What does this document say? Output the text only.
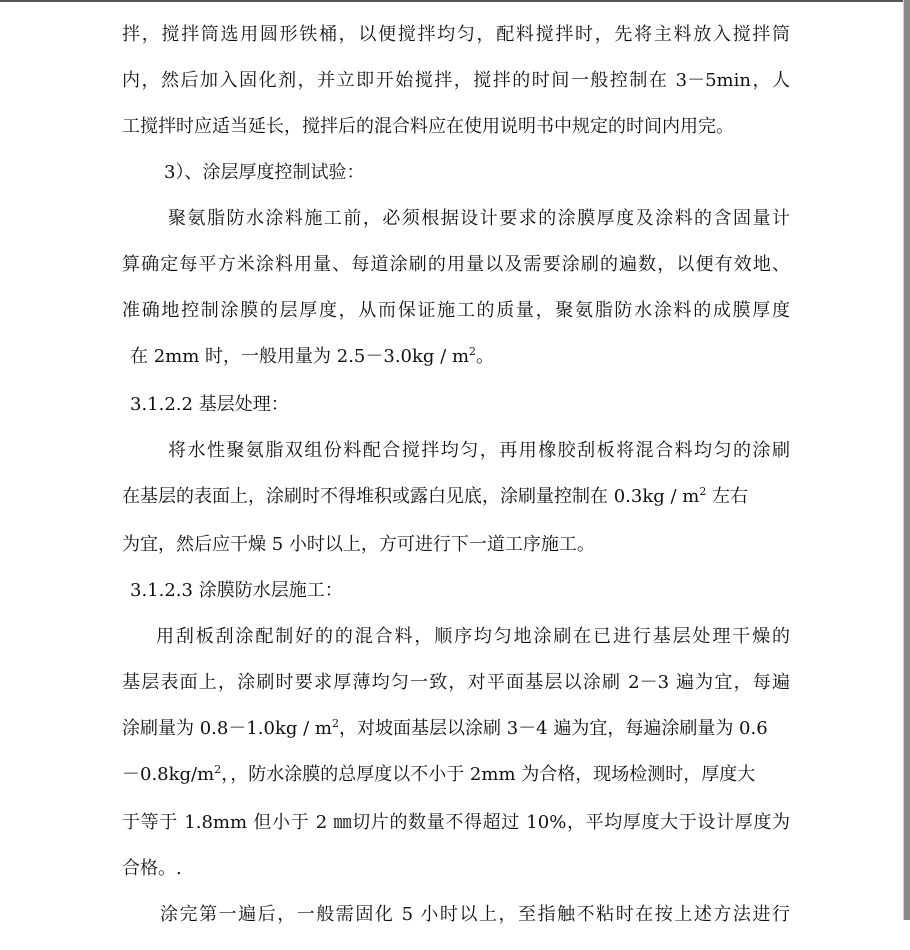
拌，搅拌筒选用圆形铁桶，以便搅拌均匀，配料搅拌时，先将主料放入搅拌筒
内，然后加入固化剂，并立即开始搅拌，搅拌的时间一般控制在 3－5min，人
工搅拌时应适当延长，搅拌后的混合料应在使用说明书中规定的时间内用完。
3）、涂层厚度控制试验：
聚氨脂防水涂料施工前，必须根据设计要求的涂膜厚度及涂料的含固量计
算确定每平方米涂料用量、每道涂刷的用量以及需要涂刷的遍数，以便有效地、
准确地控制涂膜的层厚度，从而保证施工的质量，聚氨脂防水涂料的成膜厚度
在 2mm 时，一般用量为 $2.5-3.0kg / m^2$。
3.1.2.2 基层处理：
将水性聚氨脂双组份料配合搅拌均匀，再用橡胶刮板将混合料均匀的涂刷
在基层的表面上，涂刷时不得堆积或露白见底，涂刷量控制在 $0.3kg / m^2$ 左右
为宜，然后应干燥 5 小时以上，方可进行下一道工序施工。
3.1.2.3 涂膜防水层施工：
用刮板刮涂配制好的的混合料，顺序均匀地涂刷在已进行基层处理干燥的
基层表面上，涂刷时要求厚薄均匀一致，对平面基层以涂刷 2－3 遍为宜，每遍
涂刷量为 $0.8-1.0kg / m^2$，对坡面基层以涂刷 3－4 遍为宜，每遍涂刷量为 0.6
$-0.8kg/m^2$，，防水涂膜的总厚度以不小于 2mm 为合格，现场检测时，厚度大
于等于 1.8mm 但小于 2 ㎜切片的数量不得超过 10%，平均厚度大于设计厚度为
合格。.
涂完第一遍后，一般需固化 5 小时以上，至指触不粘时在按上述方法进行
